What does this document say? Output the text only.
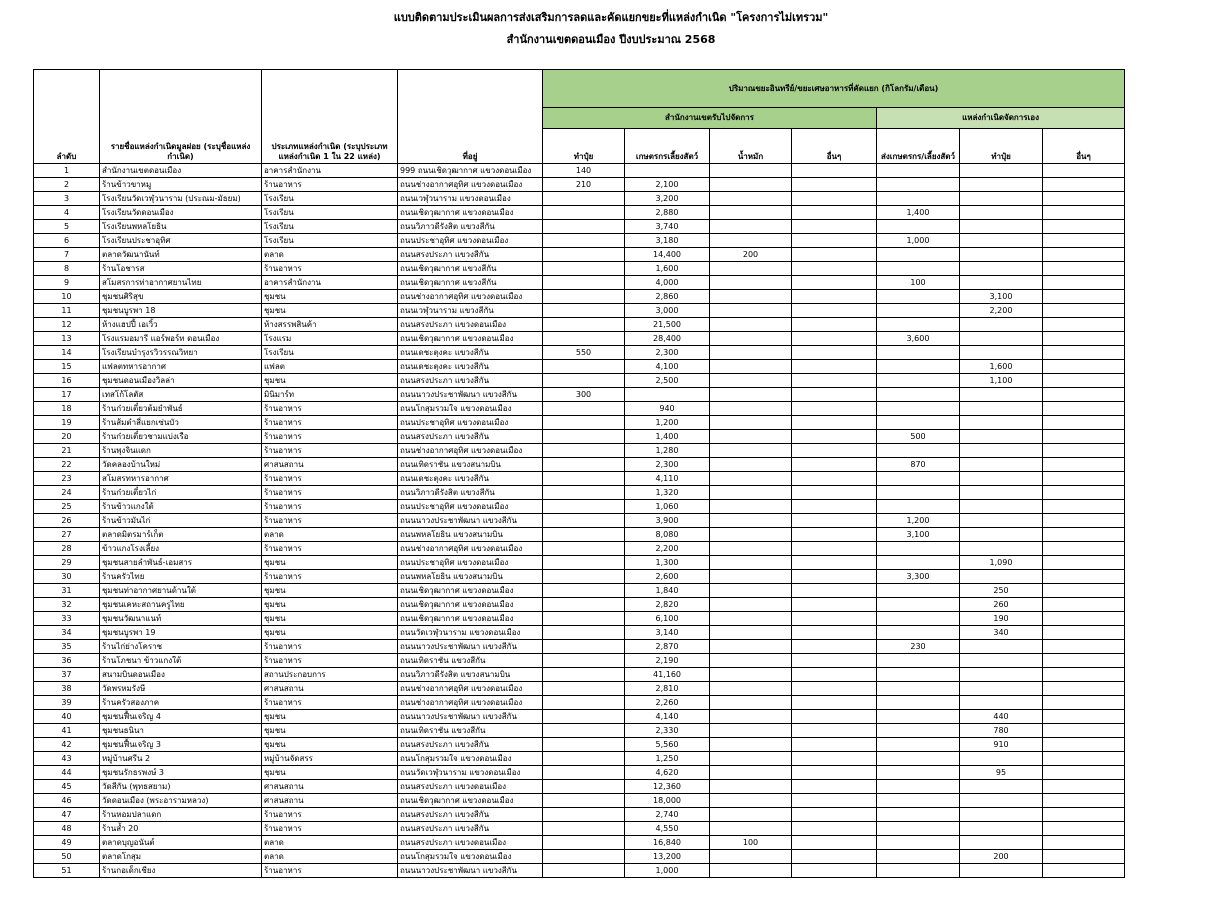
แบบติดตามประเมินผลการส่งเสริมการลดและคัดแยกขยะที่แหล่งกำเนิด "โครงการไม่เทรวม"
สำนักงานเขตดอนเมือง ปีงบประมาณ 2568
ลำดับ	รายชื่อแหล่งกำเนิดมูลฝอย (ระบุชื่อแหล่งกำเนิด)	ประเภทแหล่งกำเนิด (ระบุประเภทแหล่งกำเนิด 1 ใน 22 แหล่ง)	ที่อยู่	ปริมาณขยะอินทรีย์/ขยะเศษอาหารที่คัดแยก (กิโลกรัม/เดือน)						
				สำนักงานเขตรับไปจัดการ				แหล่งกำเนิดจัดการเอง		
				ทำปุ๋ย	เกษตรกรเลี้ยงสัตว์	น้ำหมัก	อื่นๆ	ส่งเกษตรกร/เลี้ยงสัตว์	ทำปุ๋ย	อื่นๆ
1	สำนักงานเขตดอนเมือง	อาคารสำนักงาน	999 ถนนเชิดวุฒากาศ แขวงดอนเมือง	140						
2	ร้านข้าวขาหมู	ร้านอาหาร	ถนนช่างอากาศอุทิศ แขวงดอนเมือง	210	2,100					
3	โรงเรียนวัดเวฬุวนาราม (ประณม-มัธยม)	โรงเรียน	ถนนเวฬุวนาราม แขวงดอนเมือง		3,200					
4	โรงเรียนวัดดอนเมือง	โรงเรียน	ถนนเชิดวุฒากาศ แขวงดอนเมือง		2,880			1,400		
5	โรงเรียนพหลโยธิน	โรงเรียน	ถนนวิภาวดีรังสิต แขวงสีกัน		3,740					
6	โรงเรียนประชาอุทิศ	โรงเรียน	ถนนประชาอุทิศ แขวงดอนเมือง		3,180			1,000		
7	ตลาดวัฒนานันท์	ตลาด	ถนนสรงประภา แขวงสีกัน		14,400	200				
8	ร้านโอชารส	ร้านอาหาร	ถนนเชิดวุฒากาศ แขวงสีกัน		1,600					
9	สโมสรการท่าอากาศยานไทย	อาคารสำนักงาน	ถนนเชิดวุฒากาศ แขวงสีกัน		4,000			100		
10	ชุมชนศิริสุข	ชุมชน	ถนนช่างอากาศอุทิศ แขวงดอนเมือง		2,860				3,100	
11	ชุมชนบูรพา 18	ชุมชน	ถนนเวฬุวนาราม แขวงสีกัน		3,000				2,200	
12	ห้างแฮปปี้ เอเวิ้ว	ห้างสรรพสินค้า	ถนนสรงประภา แขวงดอนเมือง		21,500					
13	โรงแรมอมารี แอร์พอร์ท ดอนเมือง	โรงแรม	ถนนเชิดวุฒากาศ แขวงดอนเมือง		28,400			3,600		
14	โรงเรียนบำรุงรวิวรรณวิทยา	โรงเรียน	ถนนเดชะตุงคะ แขวงสีกัน	550	2,300					
15	แฟลตทหารอากาศ	แฟลต	ถนนเดชะตุงคะ แขวงสีกัน		4,100				1,600	
16	ชุมชนดอนเมืองวิลล่า	ชุมชน	ถนนสรงประภา แขวงสีกัน		2,500				1,100	
17	เทสโก้โลตัส	มินิมาร์ท	ถนนนาวงประชาพัฒนา แขวงสีกัน	300						
18	ร้านก๋วยเตี๋ยวต้มยำพันธ์	ร้านอาหาร	ถนนโกสุมรวมใจ แขวงดอนเมือง		940					
19	ร้านส้มตำสี่แยกเซ่นบัว	ร้านอาหาร	ถนนประชาอุทิศ แขวงดอนเมือง		1,200					
20	ร้านก๋วยเตี๋ยวชามแบ่งเรือ	ร้านอาหาร	ถนนสรงประภา แขวงสีกัน		1,400			500		
21	ร้านพุงจินแดก	ร้านอาหาร	ถนนช่างอากาศอุทิศ แขวงดอนเมือง		1,280					
22	วัดคลองบ้านใหม่	ศาสนสถาน	ถนนเทิดราชัน แขวงสนามบิน		2,300			870		
23	สโมสรทหารอากาศ	ร้านอาหาร	ถนนเดชะตุงคะ แขวงสีกัน		4,110					
24	ร้านก๋วยเตี๋ยวไก่	ร้านอาหาร	ถนนวิภาวดีรังสิต แขวงสีกัน		1,320					
25	ร้านข้าวแกงใต้	ร้านอาหาร	ถนนประชาอุทิศ แขวงดอนเมือง		1,060					
26	ร้านข้าวมันไก่	ร้านอาหาร	ถนนนาวงประชาพัฒนา แขวงสีกัน		3,900			1,200		
27	ตลาดมิตรมาร์เก็ต	ตลาด	ถนนพหลโยธิน แขวงสนามบิน		8,080			3,100		
28	ข้าวแกงโรงเลี้ยง	ร้านอาหาร	ถนนช่างอากาศอุทิศ แขวงดอนเมือง		2,200					
29	ชุมชนสายลำพันธ์-เอมสาร	ชุมชน	ถนนประชาอุทิศ แขวงดอนเมือง		1,300				1,090	
30	ร้านครัวไทย	ร้านอาหาร	ถนนพหลโยธิน แขวงสนามบิน		2,600			3,300		
31	ชุมชนท่าอากาศยานด้านใต้	ชุมชน	ถนนเชิดวุฒากาศ แขวงดอนเมือง		1,840				250	
32	ชุมชนเคหะสถานครูไทย	ชุมชน	ถนนเชิดวุฒากาศ แขวงดอนเมือง		2,820				260	
33	ชุมชนวัฒนาแนท์	ชุมชน	ถนนเชิดวุฒากาศ แขวงดอนเมือง		6,100				190	
34	ชุมชนบูรพา 19	ชุมชน	ถนนวัดเวฬุวนาราม แขวงดอนเมือง		3,140				340	
35	ร้านไก่ย่างโคราช	ร้านอาหาร	ถนนนาวงประชาพัฒนา แขวงสีกัน		2,870			230		
36	ร้านโภชนา ข้าวแกงใต้	ร้านอาหาร	ถนนเทิดราชัน แขวงสีกัน		2,190					
37	สนามบินดอนเมือง	สถานประกอบการ	ถนนวิภาวดีรังสิต แขวงสนามบิน		41,160					
38	วัดพรหมรังษี	ศาสนสถาน	ถนนช่างอากาศอุทิศ แขวงดอนเมือง		2,810					
39	ร้านครัวสองภาค	ร้านอาหาร	ถนนช่างอากาศอุทิศ แขวงดอนเมือง		2,260					
40	ชุมชนฟื้นเจริญ 4	ชุมชน	ถนนนาวงประชาพัฒนา แขวงสีกัน		4,140				440	
41	ชุมชนธนินา	ชุมชน	ถนนเทิดราชัน แขวงสีกัน		2,330				780	
42	ชุมชนฟื้นเจริญ 3	ชุมชน	ถนนสรงประภา แขวงสีกัน		5,560				910	
43	หมู่บ้านศรีน 2	หมู่บ้านจัดสรร	ถนนโกสุมรวมใจ แขวงดอนเมือง		1,250					
44	ชุมชนรักธรพงษ์ 3	ชุมชน	ถนนวัดเวฬุวนาราม แขวงดอนเมือง		4,620				95	
45	วัดสีกัน (พุทธสยาม)	ศาสนสถาน	ถนนสรงประภา แขวงดอนเมือง		12,360					
46	วัดดอนเมือง (พระอารามหลวง)	ศาสนสถาน	ถนนเชิดวุฒากาศ แขวงดอนเมือง		18,000					
47	ร้านหอมปลาแดก	ร้านอาหาร	ถนนสรงประภา แขวงสีกัน		2,740					
48	ร้านส้ำ 20	ร้านอาหาร	ถนนสรงประภา แขวงสีกัน		4,550					
49	ตลาดบุญอนันต์	ตลาด	ถนนสรงประภา แขวงดอนเมือง		16,840	100				
50	ตลาดโกสุม	ตลาด	ถนนโกสุมรวมใจ แขวงดอนเมือง		13,200				200	
51	ร้านกอเด็กเชียง	ร้านอาหาร	ถนนนาวงประชาพัฒนา แขวงสีกัน		1,000					
